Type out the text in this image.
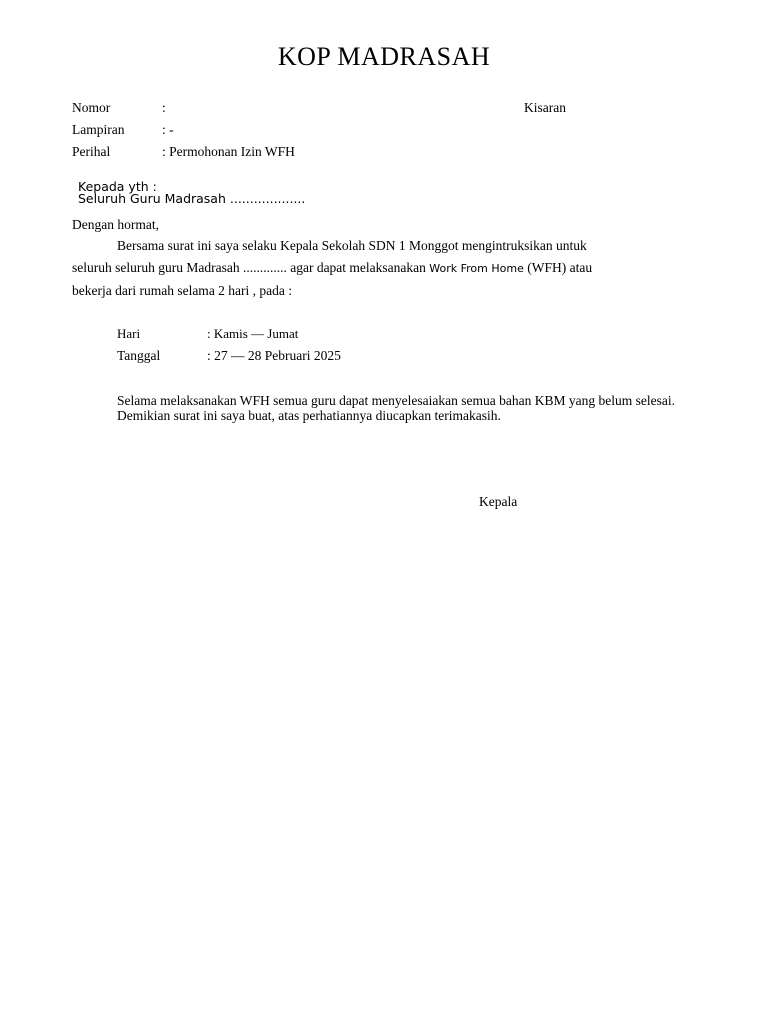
KOP MADRASAH
Nomor	:	Kisaran
Lampiran	: -
Perihal	: Permohonan Izin WFH
Kepada yth :
Seluruh Guru Madrasah ...................
Dengan hormat,
Bersama surat ini saya selaku Kepala Sekolah SDN 1 Monggot mengintruksikan untuk
seluruh seluruh guru Madrasah ............. agar dapat melaksanakan Work From Home (WFH) atau
bekerja dari rumah selama 2 hari , pada :
Hari	: Kamis — Jumat
Tanggal	: 27 — 28 Pebruari 2025
Selama melaksanakan WFH semua guru dapat menyelesaiakan semua bahan KBM yang belum selesai. Demikian surat ini saya buat, atas perhatiannya diucapkan terimakasih.
Kepala
